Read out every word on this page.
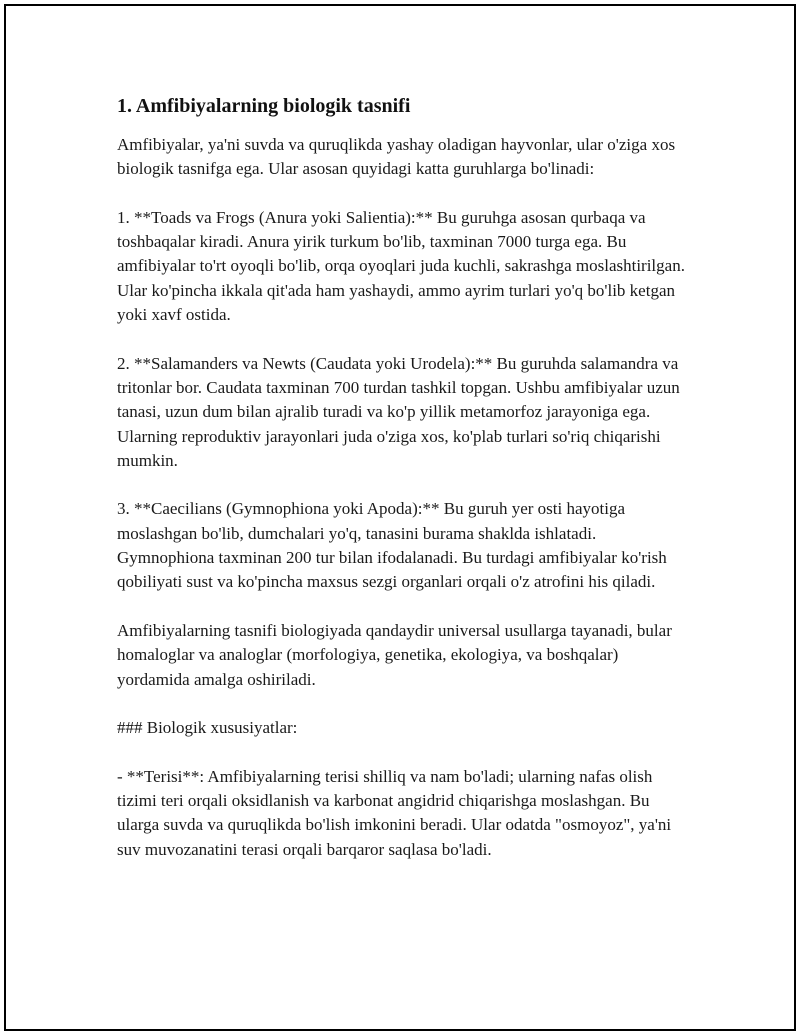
1. Amfibiyalarning biologik tasnifi

Amfibiyalar, ya'ni suvda va quruqlikda yashay oladigan hayvonlar, ular o'ziga xos biologik tasnifga ega. Ular asosan quyidagi katta guruhlarga bo'linadi:

1. **Toads va Frogs (Anura yoki Salientia):** Bu guruhga asosan qurbaqa va toshbaqalar kiradi. Anura yirik turkum bo'lib, taxminan 7000 turga ega. Bu amfibiyalar to'rt oyoqli bo'lib, orqa oyoqlari juda kuchli, sakrashga moslashtirilgan. Ular ko'pincha ikkala qit'ada ham yashaydi, ammo ayrim turlari yo'q bo'lib ketgan yoki xavf ostida.

2. **Salamanders va Newts (Caudata yoki Urodela):** Bu guruhda salamandra va tritonlar bor. Caudata taxminan 700 turdan tashkil topgan. Ushbu amfibiyalar uzun tanasi, uzun dum bilan ajralib turadi va ko'p yillik metamorfoz jarayoniga ega. Ularning reproduktiv jarayonlari juda o'ziga xos, ko'plab turlari so'riq chiqarishi mumkin.

3. **Caecilians (Gymnophiona yoki Apoda):** Bu guruh yer osti hayotiga moslashgan bo'lib, dumchalari yo'q, tanasini burama shaklda ishlatadi. Gymnophiona taxminan 200 tur bilan ifodalanadi. Bu turdagi amfibiyalar ko'rish qobiliyati sust va ko'pincha maxsus sezgi organlari orqali o'z atrofini his qiladi.

Amfibiyalarning tasnifi biologiyada qandaydir universal usullarga tayanadi, bular homaloglar va analoglar (morfologiya, genetika, ekologiya, va boshqalar) yordamida amalga oshiriladi.

### Biologik xususiyatlar:

- **Terisi**: Amfibiyalarning terisi shilliq va nam bo'ladi; ularning nafas olish tizimi teri orqali oksidlanish va karbonat angidrid chiqarishga moslashgan. Bu ularga suvda va quruqlikda bo'lish imkonini beradi. Ular odatda "osmoyoz", ya'ni suv muvozanatini terasi orqali barqaror saqlasa bo'ladi.
